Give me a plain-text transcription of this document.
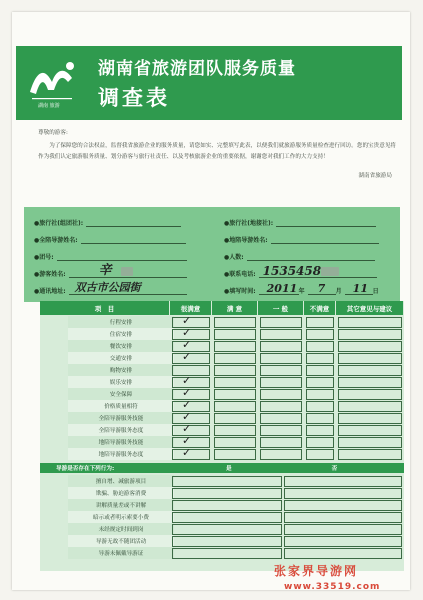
湖南 旅游
湖南省旅游团队服务质量
调查表
尊敬的游客:

为了保障您的合法权益，监督我省旅游企业的服务质量，请您如实、完整填写此表，以便我们就旅游服务质量检查进行回访。您的宝贵意见将作为我们认定旅游服务质量、划分游客与旅行社责任、以及考核旅游企业的重要依据，谢谢您对我们工作的大力支持！

湖南省旅游局
●旅行社(组团社):	●旅行社(地接社):
●全陪导游姓名:	●地陪导游姓名:
●团号:	●人数:
●游客姓名:	辛	●联系电话: 1535458
●通讯地址: 双古市公园街	●填写时间: 2011 年 7 月 11 日
项　目	很满意	满 意	一 般	不满意	其它意见与建议
行程安排	✓
住宿安排	✓
餐饮安排	✓
交通安排	✓
购物安排
娱乐安排	✓
安全保障	✓
价格质量相符	✓
全陪导游服务技能	✓
全陪导游服务态度	✓
地陪导游服务技能	✓
地陪导游服务态度	✓
导游是否存在下列行为:	是	否
擅自增、减旅游项目
欺骗、胁迫游客消费
讲解质量差或不讲解
暗示或者明示索要小费
未经规定时间到岗
导游无故不随团活动
导游未佩戴导游证
张家界导游网
www.33519.com
